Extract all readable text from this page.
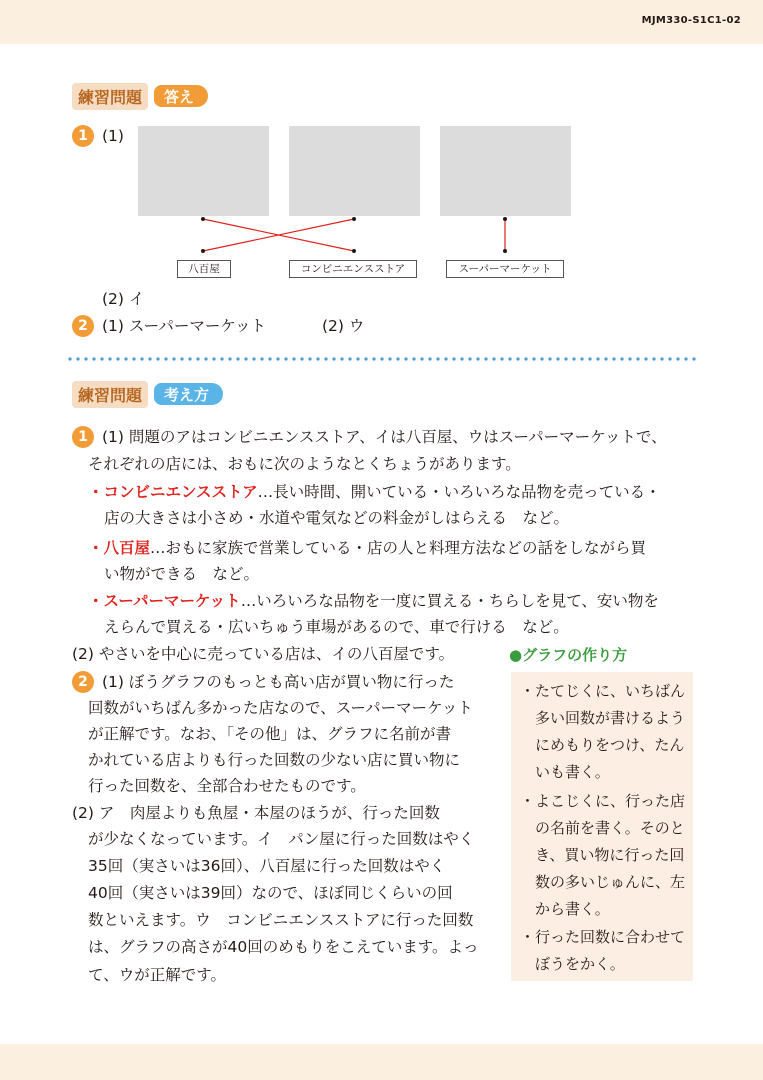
MJM330-S1C1-02
練習問題	答え
1 (1)
八百屋	コンビニエンスストア	スーパーマーケット
(2) イ
2 (1) スーパーマーケット	(2) ウ
練習問題	考え方
1 (1) 問題のアはコンビニエンスストア、イは八百屋、ウはスーパーマーケットで、
それぞれの店には、おもに次のようなとくちょうがあります。
・コンビニエンスストア…長い時間、開いている・いろいろな品物を売っている・
店の大きさは小さめ・水道や電気などの料金がしはらえる　など。
・八百屋…おもに家族で営業している・店の人と料理方法などの話をしながら買
い物ができる　など。
・スーパーマーケット…いろいろな品物を一度に買える・ちらしを見て、安い物を
えらんで買える・広いちゅう車場があるので、車で行ける　など。
(2) やさいを中心に売っている店は、イの八百屋です。
2 (1) ぼうグラフのもっとも高い店が買い物に行った
回数がいちばん多かった店なので、スーパーマーケット
が正解です。なお、「その他」は、グラフに名前が書
かれている店よりも行った回数の少ない店に買い物に
行った回数を、全部合わせたものです。
(2) ア　肉屋よりも魚屋・本屋のほうが、行った回数
が少なくなっています。イ　パン屋に行った回数はやく
35回（実さいは36回）、八百屋に行った回数はやく
40回（実さいは39回）なので、ほぼ同じくらいの回
数といえます。ウ　コンビニエンスストアに行った回数
は、グラフの高さが40回のめもりをこえています。よっ
て、ウが正解です。
●グラフの作り方
・たてじくに、いちばん
　多い回数が書けるよう
　にめもりをつけ、たん
　いも書く。
・よこじくに、行った店
　の名前を書く。そのと
　き、買い物に行った回
　数の多いじゅんに、左
　から書く。
・行った回数に合わせて
　ぼうをかく。
